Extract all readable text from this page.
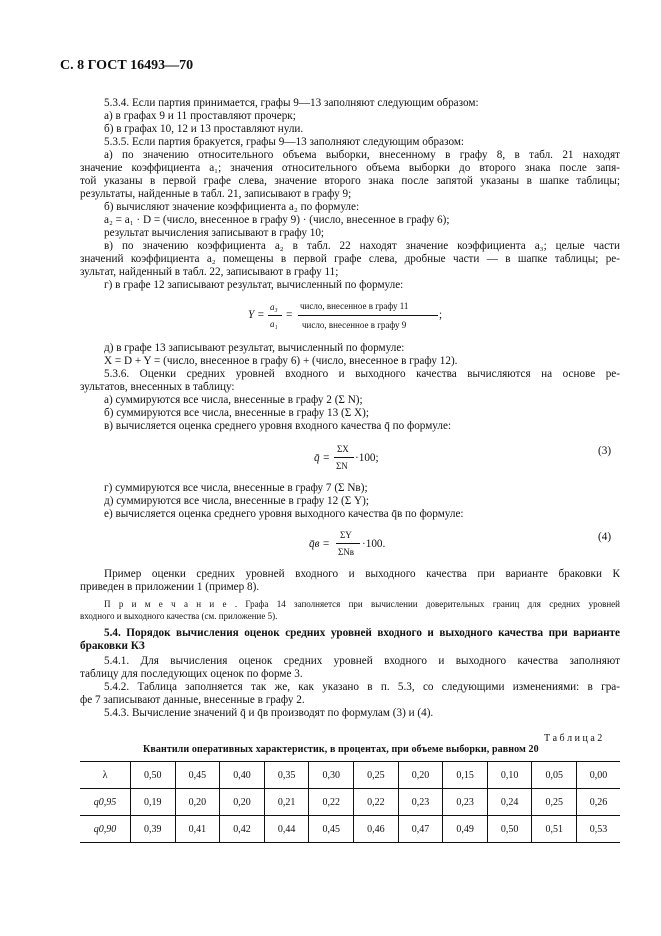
С. 8 ГОСТ 16493—70
5.3.4. Если партия принимается, графы 9—13 заполняют следующим образом:
а) в графах 9 и 11 проставляют прочерк;
б) в графах 10, 12 и 13 проставляют нули.
5.3.5. Если партия бракуется, графы 9—13 заполняют следующим образом:
а) по значению относительного объема выборки, внесенному в графу 8, в табл. 21 находят
значение коэффициента a₁; значения относительного объема выборки до второго знака после запя-
той указаны в первой графе слева, значение второго знака после запятой указаны в шапке таблицы;
результаты, найденные в табл. 21, записывают в графу 9;
б) вычисляют значение коэффициента a₂ по формуле:
a₂ = a₁ · D = (число, внесенное в графу 9) · (число, внесенное в графу 6);
результат вычисления записывают в графу 10;
в) по значению коэффициента a₂ в табл. 22 находят значение коэффициента a₃; целые части
значений коэффициента a₂ помещены в первой графе слева, дробные части — в шапке таблицы; ре-
зультат, найденный в табл. 22, записывают в графу 11;
г) в графе 12 записывают результат, вычисленный по формуле:
Y =
a₃
a₁
=
число, внесенное в графу 11
число, внесенное в графу 9
;
д) в графе 13 записывают результат, вычисленный по формуле:
X = D + Y = (число, внесенное в графу 6) + (число, внесенное в графу 12).
5.3.6. Оценки средних уровней входного и выходного качества вычисляются на основе ре-
зультатов, внесенных в таблицу:
а) суммируются все числа, внесенные в графу 2 (Σ N);
б) суммируются все числа, внесенные в графу 13 (Σ X);
в) вычисляется оценка среднего уровня входного качества q̄ по формуле:
q̄ =
ΣX
ΣN
·100;
(3)
г) суммируются все числа, внесенные в графу 7 (Σ Nв);
д) суммируются все числа, внесенные в графу 12 (Σ Y);
е) вычисляется оценка среднего уровня выходного качества q̄в по формуле:
q̄в =
ΣY
ΣNв
·100.
(4)
Пример оценки средних уровней входного и выходного качества при варианте браковки К
приведен в приложении 1 (пример 8).
П р и м е ч а н и е . Графа 14 заполняется при вычислении доверительных границ для средних уровней
входного и выходного качества (см. приложение 5).
5.4. Порядок вычисления оценок средних уровней входного и выходного качества при варианте
браковки КЗ
5.4.1. Для вычисления оценок средних уровней входного и выходного качества заполняют
таблицу для последующих оценок по форме 3.
5.4.2. Таблица заполняется так же, как указано в п. 5.3, со следующими изменениями: в гра-
фе 7 записывают данные, внесенные в графу 2.
5.4.3. Вычисление значений q̄ и q̄в производят по формулам (3) и (4).
Т а б л и ц а 2
Квантили оперативных характеристик, в процентах, при объеме выборки, равном 20
λ	0,50	0,45	0,40	0,35	0,30	0,25	0,20	0,15	0,10	0,05	0,00
q0,95	0,19	0,20	0,20	0,21	0,22	0,22	0,23	0,23	0,24	0,25	0,26
q0,90	0,39	0,41	0,42	0,44	0,45	0,46	0,47	0,49	0,50	0,51	0,53
